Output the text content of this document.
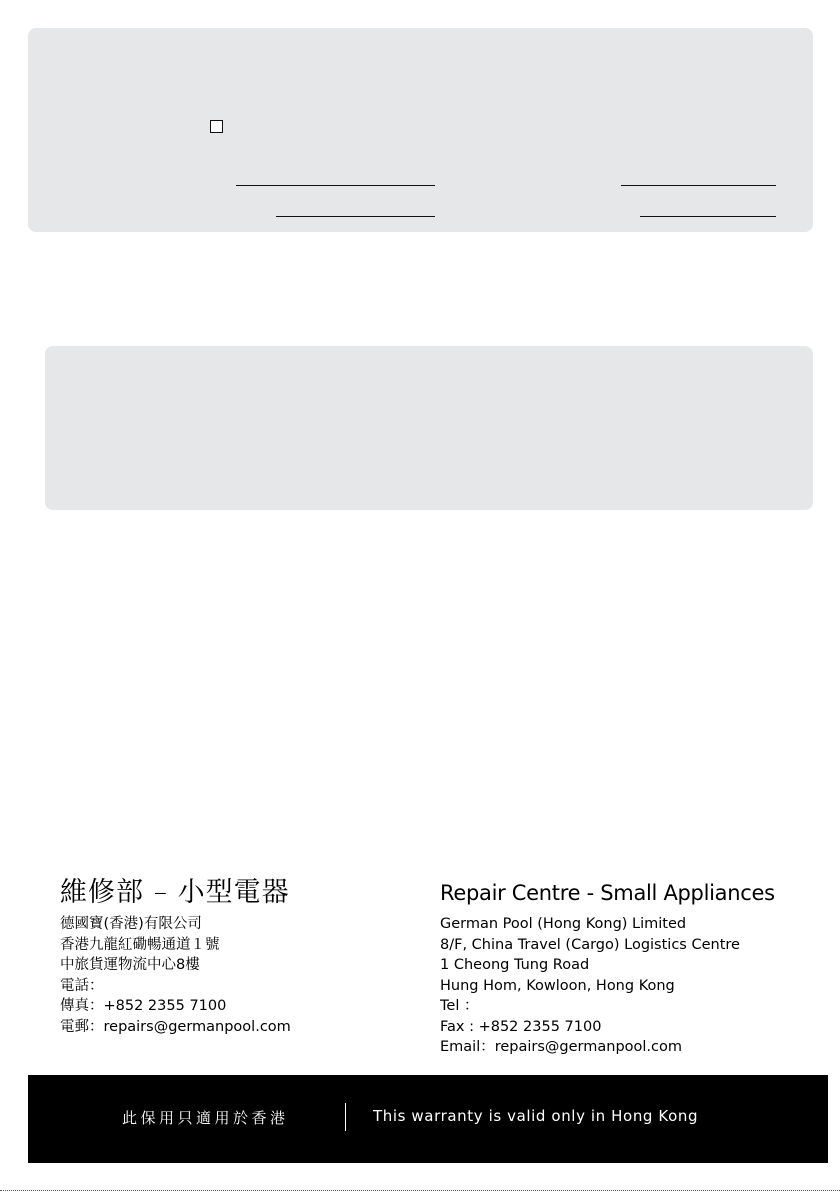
維修部 – 小型電器
德國寶(香港)有限公司
香港九龍紅磡暢通道１號
中旅貨運物流中心8樓
電話：
傳真：+852 2355 7100
電郵：repairs@germanpool.com
Repair Centre - Small Appliances
German Pool (Hong Kong) Limited
8/F, China Travel (Cargo) Logistics Centre
1 Cheong Tung Road
Hung Hom, Kowloon, Hong Kong
Tel ：
Fax : +852 2355 7100
Email：repairs@germanpool.com
此保用只適用於香港	This warranty is valid only in Hong Kong
